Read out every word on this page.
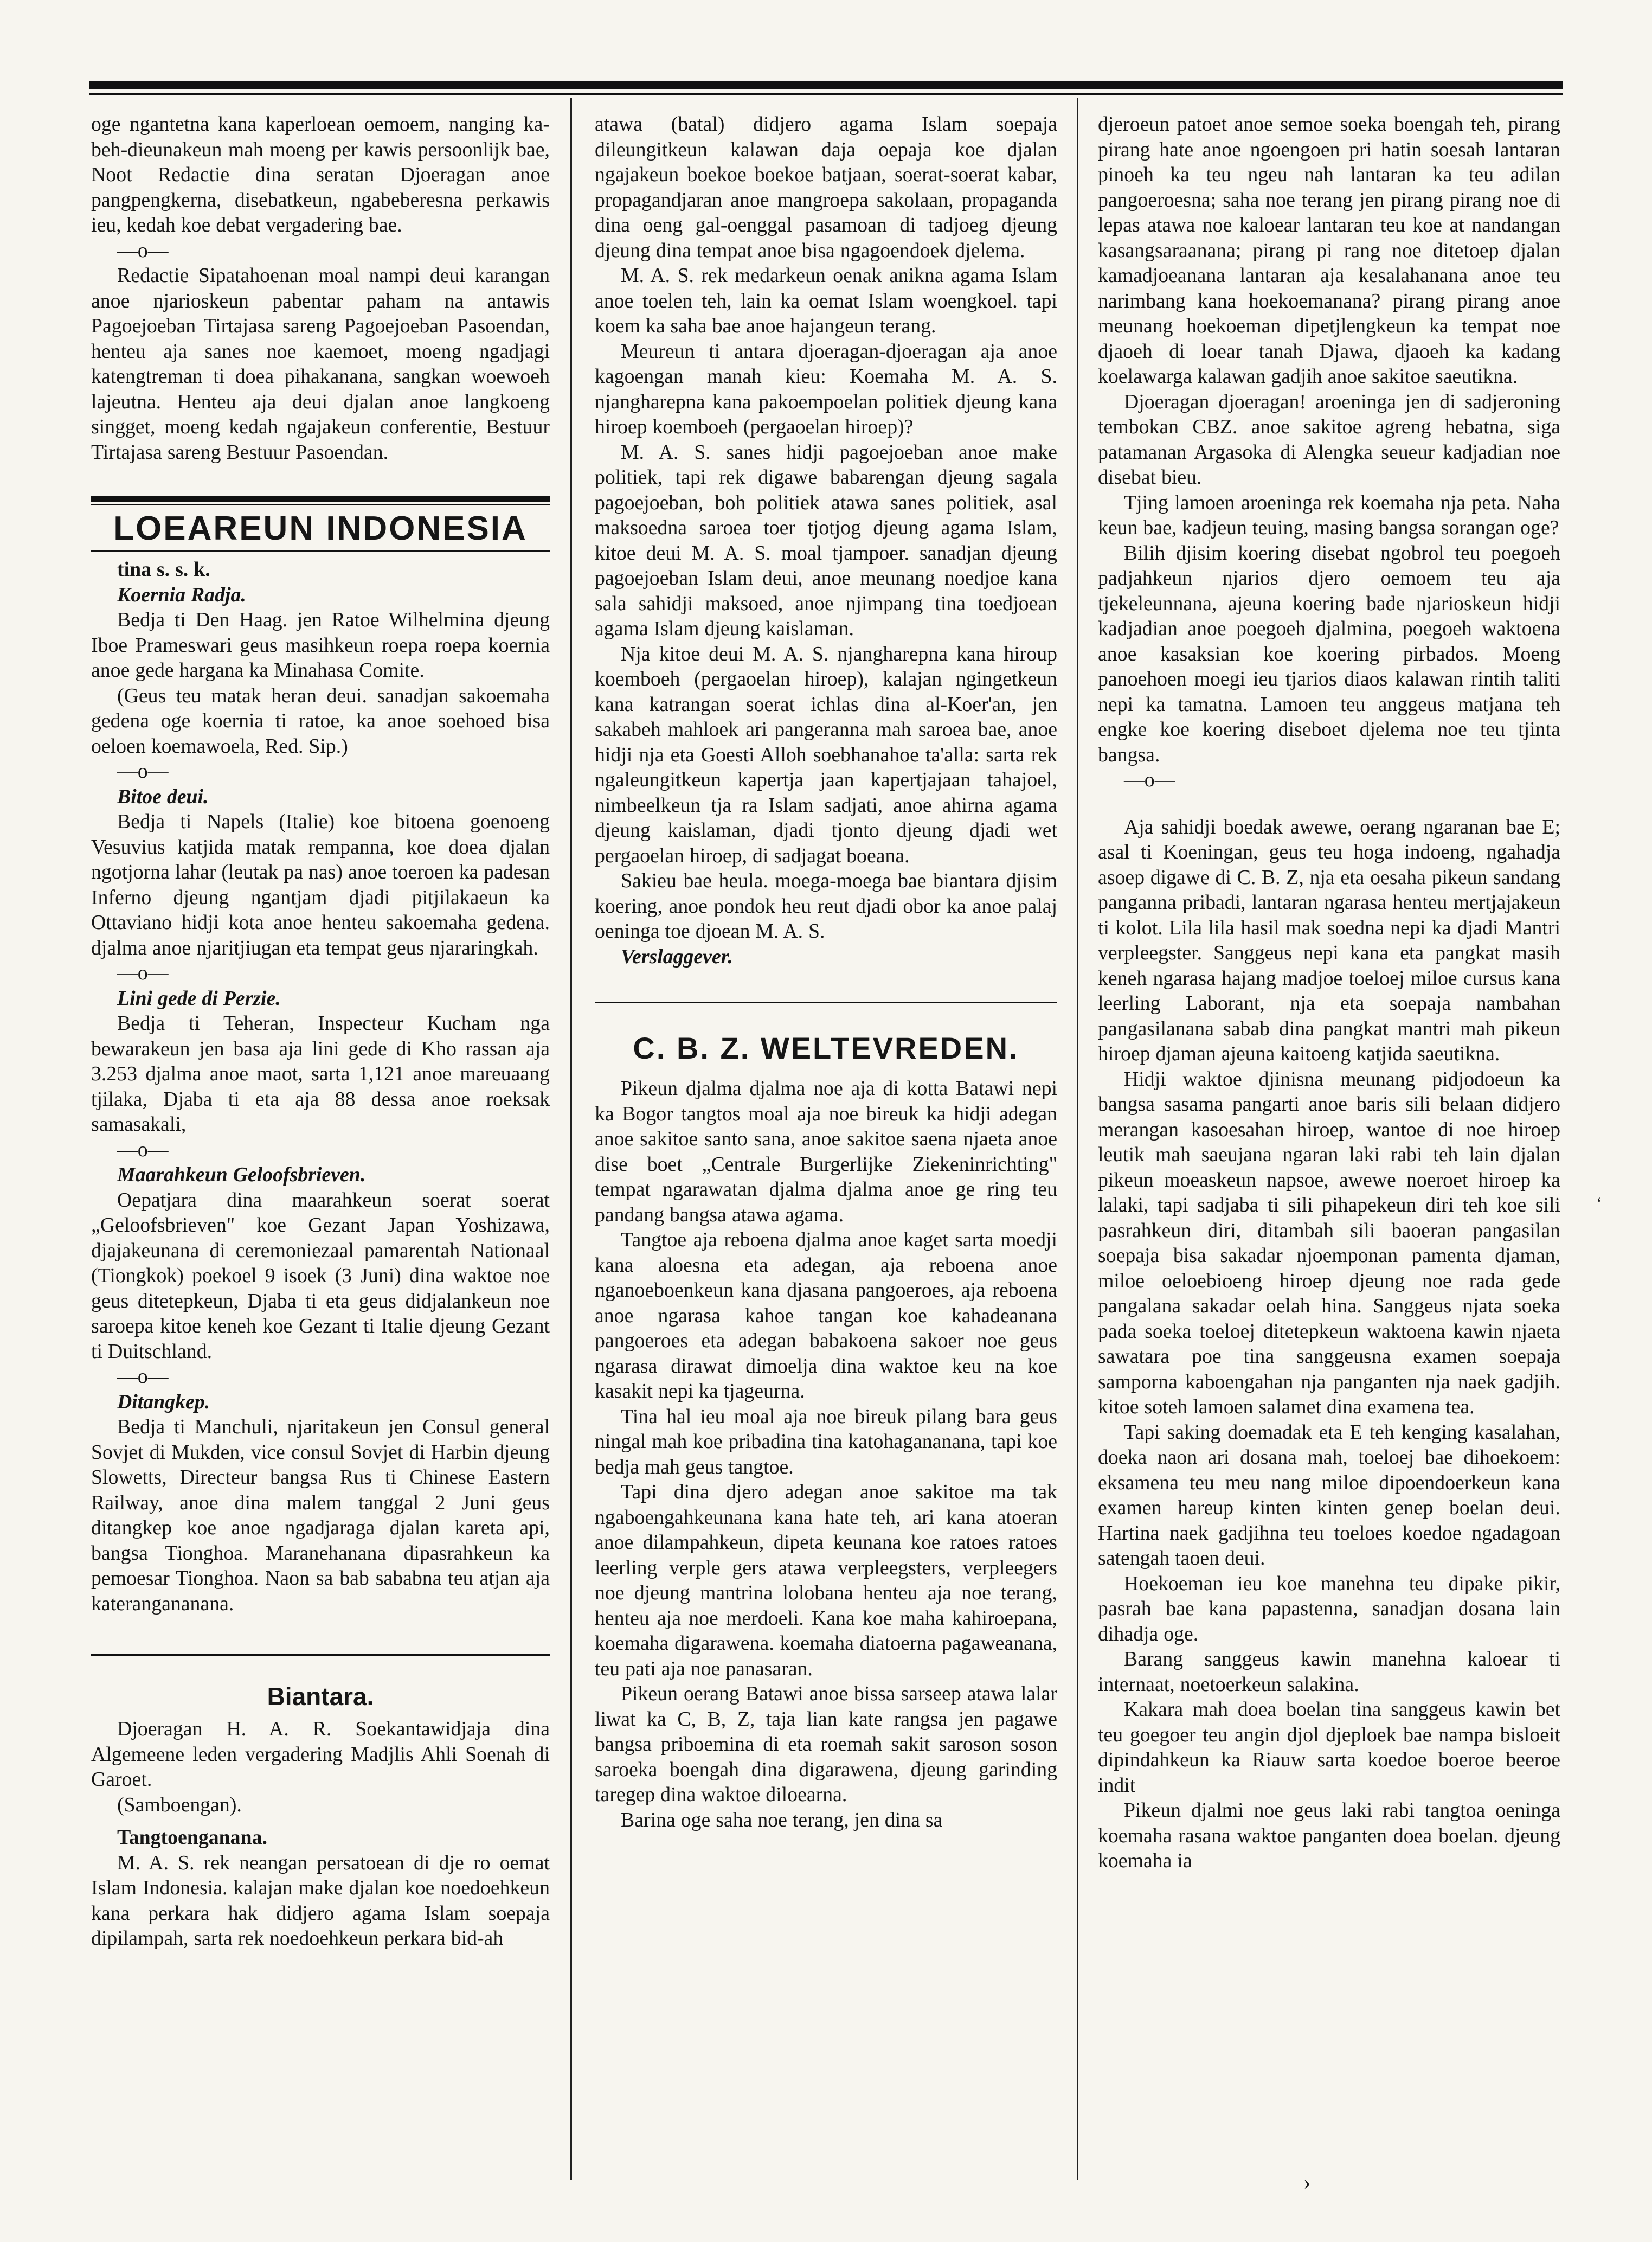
oge ngantetna kana kaperloean oemoem, nanging ka-beh-dieunakeun mah moeng per kawis persoonlijk bae, Noot Redactie dina seratan Djoeragan anoe pangpengkerna, disebatkeun, ngabeberesna perkawis ieu, kedah koe debat vergadering bae.

—o—

Redactie Sipatahoenan moal nampi deui karangan anoe njarioskeun pabentar paham na antawis Pagoejoeban Tirtajasa sareng Pagoejoeban Pasoendan, henteu aja sanes noe kaemoet, moeng ngadjagi katengtreman ti doea pihakanana, sangkan woewoeh lajeutna. Henteu aja deui djalan anoe langkoeng singget, moeng kedah ngajakeun conferentie, Bestuur Tirtajasa sareng Bestuur Pasoendan.

LOEAREUN INDONESIA

tina s. s. k.

Koernia Radja.

Bedja ti Den Haag. jen Ratoe Wilhelmina djeung Iboe Prameswari geus masihkeun roepa roepa koernia anoe gede hargana ka Minahasa Comite.

(Geus teu matak heran deui. sanadjan sakoemaha gedena oge koernia ti ratoe, ka anoe soehoed bisa oeloen koemawoela, Red. Sip.)

—o—

Bitoe deui.

Bedja ti Napels (Italie) koe bitoena goenoeng Vesuvius katjida matak rempanna, koe doea djalan ngotjorna lahar (leutak pa nas) anoe toeroen ka padesan Inferno djeung ngantjam djadi pitjilakaeun ka Ottaviano hidji kota anoe henteu sakoemaha gedena. djalma anoe njaritjiugan eta tempat geus njararingkah.

—o—

Lini gede di Perzie.

Bedja ti Teheran, Inspecteur Kucham nga bewarakeun jen basa aja lini gede di Kho rassan aja 3.253 djalma anoe maot, sarta 1,121 anoe mareuaang tjilaka, Djaba ti eta aja 88 dessa anoe roeksak samasakali,

—o—

Maarahkeun Geloofsbrieven.

Oepatjara dina maarahkeun soerat soerat „Geloofsbrieven" koe Gezant Japan Yoshizawa, djajakeunana di ceremoniezaal pamarentah Nationaal (Tiongkok) poekoel 9 isoek (3 Juni) dina waktoe noe geus ditetepkeun, Djaba ti eta geus didjalankeun noe saroepa kitoe keneh koe Gezant ti Italie djeung Gezant ti Duitschland.

—o—

Ditangkep.

Bedja ti Manchuli, njaritakeun jen Consul general Sovjet di Mukden, vice consul Sovjet di Harbin djeung Slowetts, Directeur bangsa Rus ti Chinese Eastern Railway, anoe dina malem tanggal 2 Juni geus ditangkep koe anoe ngadjaraga djalan kareta api, bangsa Tionghoa. Maranehanana dipasrahkeun ka pemoesar Tionghoa. Naon sa bab sababna teu atjan aja katerangananana.

Biantara.

Djoeragan H. A. R. Soekantawidjaja dina Algemeene leden vergadering Madjlis Ahli Soenah di Garoet.

(Samboengan).

Tangtoenganana.

M. A. S. rek neangan persatoean di dje ro oemat Islam Indonesia. kalajan make djalan koe noedoehkeun kana perkara hak didjero agama Islam soepaja dipilampah, sarta rek noedoehkeun perkara bid-ah

atawa (batal) didjero agama Islam soepaja dileungitkeun kalawan daja oepaja koe djalan ngajakeun boekoe boekoe batjaan, soerat-soerat kabar, propagandjaran anoe mangroepa sakolaan, propaganda dina oeng gal-oenggal pasamoan di tadjoeg djeung djeung dina tempat anoe bisa ngagoendoek djelema.

M. A. S. rek medarkeun oenak anikna agama Islam anoe toelen teh, lain ka oemat Islam woengkoel. tapi koem ka saha bae anoe hajangeun terang.

Meureun ti antara djoeragan-djoeragan aja anoe kagoengan manah kieu: Koemaha M. A. S. njangharepna kana pakoempoelan politiek djeung kana hiroep koemboeh (pergaoelan hiroep)?

M. A. S. sanes hidji pagoejoeban anoe make politiek, tapi rek digawe babarengan djeung sagala pagoejoeban, boh politiek atawa sanes politiek, asal maksoedna saroea toer tjotjog djeung agama Islam, kitoe deui M. A. S. moal tjampoer. sanadjan djeung pagoejoeban Islam deui, anoe meunang noedjoe kana sala sahidji maksoed, anoe njimpang tina toedjoean agama Islam djeung kaislaman.

Nja kitoe deui M. A. S. njangharepna kana hiroup koemboeh (pergaoelan hiroep), kalajan ngingetkeun kana katrangan soerat ichlas dina al-Koer'an, jen sakabeh mahloek ari pangeranna mah saroea bae, anoe hidji nja eta Goesti Alloh soebhanahoe ta'alla: sarta rek ngaleungitkeun kapertja jaan kapertjajaan tahajoel, nimbeelkeun tja ra Islam sadjati, anoe ahirna agama djeung kaislaman, djadi tjonto djeung djadi wet pergaoelan hiroep, di sadjagat boeana.

Sakieu bae heula. moega-moega bae biantara djisim koering, anoe pondok heu reut djadi obor ka anoe palaj oeninga toe djoean M. A. S.

Verslaggever.

C. B. Z. WELTEVREDEN.

Pikeun djalma djalma noe aja di kotta Batawi nepi ka Bogor tangtos moal aja noe bireuk ka hidji adegan anoe sakitoe santo sana, anoe sakitoe saena njaeta anoe dise boet „Centrale Burgerlijke Ziekeninrichting" tempat ngarawatan djalma djalma anoe ge ring teu pandang bangsa atawa agama.

Tangtoe aja reboena djalma anoe kaget sarta moedji kana aloesna eta adegan, aja reboena anoe nganoeboenkeun kana djasana pangoeroes, aja reboena anoe ngarasa kahoe tangan koe kahadeanana pangoeroes eta adegan babakoena sakoer noe geus ngarasa dirawat dimoelja dina waktoe keu na koe kasakit nepi ka tjageurna.

Tina hal ieu moal aja noe bireuk pilang bara geus ningal mah koe pribadina tina katohagananana, tapi koe bedja mah geus tangtoe.

Tapi dina djero adegan anoe sakitoe ma tak ngaboengahkeunana kana hate teh, ari kana atoeran anoe dilampahkeun, dipeta keunana koe ratoes ratoes leerling verple gers atawa verpleegsters, verpleegers noe djeung mantrina lolobana henteu aja noe terang, henteu aja noe merdoeli. Kana koe maha kahiroepana, koemaha digarawena. koemaha diatoerna pagaweanana, teu pati aja noe panasaran.

Pikeun oerang Batawi anoe bissa sarseep atawa lalar liwat ka C, B, Z, taja lian kate rangsa jen pagawe bangsa priboemina di eta roemah sakit saroson soson saroeka boengah dina digarawena, djeung garinding taregep dina waktoe diloearna.

Barina oge saha noe terang, jen dina sa

djeroeun patoet anoe semoe soeka boengah teh, pirang pirang hate anoe ngoengoen pri hatin soesah lantaran pinoeh ka teu ngeu nah lantaran ka teu adilan pangoeroesna; saha noe terang jen pirang pirang noe di lepas atawa noe kaloear lantaran teu koe at nandangan kasangsaraanana; pirang pi rang noe ditetoep djalan kamadjoeanana lantaran aja kesalahanana anoe teu narimbang kana hoekoemanana? pirang pirang anoe meunang hoekoeman dipetjlengkeun ka tempat noe djaoeh di loear tanah Djawa, djaoeh ka kadang koelawarga kalawan gadjih anoe sakitoe saeutikna.

Djoeragan djoeragan! aroeninga jen di sadjeroning tembokan CBZ. anoe sakitoe agreng hebatna, siga patamanan Argasoka di Alengka seueur kadjadian noe disebat bieu.

Tjing lamoen aroeninga rek koemaha nja peta. Naha keun bae, kadjeun teuing, masing bangsa sorangan oge?

Bilih djisim koering disebat ngobrol teu poegoeh padjahkeun njarios djero oemoem teu aja tjekeleunnana, ajeuna koering bade njarioskeun hidji kadjadian anoe poegoeh djalmina, poegoeh waktoena anoe kasaksian koe koering pirbados. Moeng panoehoen moegi ieu tjarios diaos kalawan rintih taliti nepi ka tamatna. Lamoen teu anggeus matjana teh engke koe koering diseboet djelema noe teu tjinta bangsa.

—o—

Aja sahidji boedak awewe, oerang ngaranan bae E; asal ti Koeningan, geus teu hoga indoeng, ngahadja asoep digawe di C. B. Z, nja eta oesaha pikeun sandang panganna pribadi, lantaran ngarasa henteu mertjajakeun ti kolot. Lila lila hasil mak soedna nepi ka djadi Mantri verpleegster. Sanggeus nepi kana eta pangkat masih keneh ngarasa hajang madjoe toeloej miloe cursus kana leerling Laborant, nja eta soepaja nambahan pangasilanana sabab dina pangkat mantri mah pikeun hiroep djaman ajeuna kaitoeng katjida saeutikna.

Hidji waktoe djinisna meunang pidjodoeun ka bangsa sasama pangarti anoe baris sili belaan didjero merangan kasoesahan hiroep, wantoe di noe hiroep leutik mah saeujana ngaran laki rabi teh lain djalan pikeun moeaskeun napsoe, awewe noeroet hiroep ka lalaki, tapi sadjaba ti sili pihapekeun diri teh koe sili pasrahkeun diri, ditambah sili baoeran pangasilan soepaja bisa sakadar njoemponan pamenta djaman, miloe oeloebioeng hiroep djeung noe rada gede pangalana sakadar oelah hina. Sanggeus njata soeka pada soeka toeloej ditetepkeun waktoena kawin njaeta sawatara poe tina sanggeusna examen soepaja samporna kaboengahan nja panganten nja naek gadjih. kitoe soteh lamoen salamet dina examena tea.

Tapi saking doemadak eta E teh kenging kasalahan, doeka naon ari dosana mah, toeloej bae dihoekoem: eksamena teu meu nang miloe dipoendoerkeun kana examen hareup kinten kinten genep boelan deui. Hartina naek gadjihna teu toeloes koedoe ngadagoan satengah taoen deui.

Hoekoeman ieu koe manehna teu dipake pikir, pasrah bae kana papastenna, sanadjan dosana lain dihadja oge.

Barang sanggeus kawin manehna kaloear ti internaat, noetoerkeun salakina.

Kakara mah doea boelan tina sanggeus kawin bet teu goegoer teu angin djol djeploek bae nampa bisloeit dipindahkeun ka Riauw sarta koedoe boeroe beeroe indit

Pikeun djalmi noe geus laki rabi tangtoa oeninga koemaha rasana waktoe panganten doea boelan. djeung koemaha ia

›
‘
